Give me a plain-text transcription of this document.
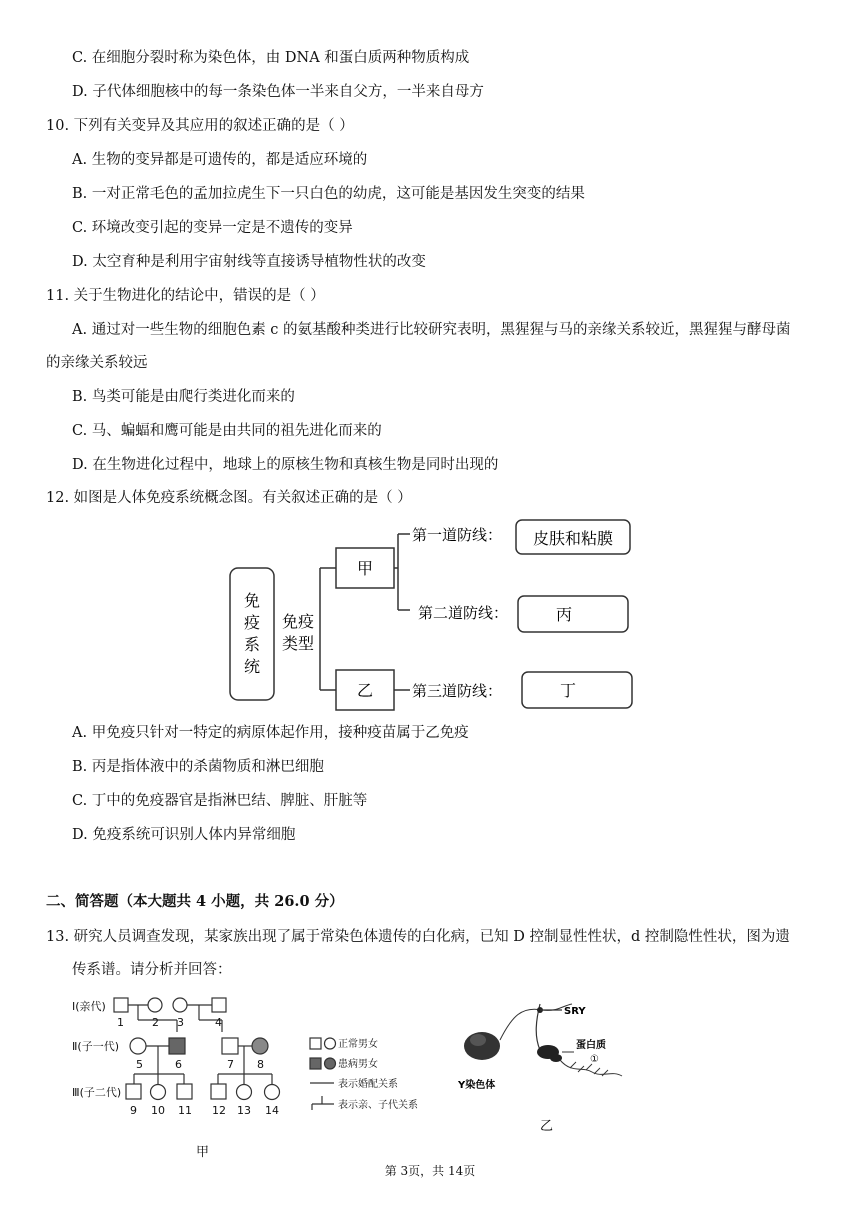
C. 在细胞分裂时称为染色体，由 DNA 和蛋白质两种物质构成
D. 子代体细胞核中的每一条染色体一半来自父方，一半来自母方
10. 下列有关变异及其应用的叙述正确的是（ ）
A. 生物的变异都是可遗传的，都是适应环境的
B. 一对正常毛色的孟加拉虎生下一只白色的幼虎，这可能是基因发生突变的结果
C. 环境改变引起的变异一定是不遗传的变异
D. 太空育种是利用宇宙射线等直接诱导植物性状的改变
11. 关于生物进化的结论中，错误的是（ ）
A. 通过对一些生物的细胞色素 c 的氨基酸种类进行比较研究表明，黑猩猩与马的亲缘关系较近，黑猩猩与酵母菌
的亲缘关系较远
B. 鸟类可能是由爬行类进化而来的
C. 马、蝙蝠和鹰可能是由共同的祖先进化而来的
D. 在生物进化过程中，地球上的原核生物和真核生物是同时出现的
12. 如图是人体免疫系统概念图。有关叙述正确的是（ ）
免
疫
系
统
免疫
类型
甲
乙
第一道防线：
第二道防线：
第三道防线：
皮肤和粘膜
丙
丁
A. 甲免疫只针对一特定的病原体起作用，接种疫苗属于乙免疫
B. 丙是指体液中的杀菌物质和淋巴细胞
C. 丁中的免疫器官是指淋巴结、脾脏、肝脏等
D. 免疫系统可识别人体内异常细胞
二、简答题（本大题共 4 小题，共 26.0 分）
13. 研究人员调查发现，某家族出现了属于常染色体遗传的白化病，已知 D 控制显性性状，d 控制隐性性状，图为遗
传系谱。请分析并回答：
Ⅰ(亲代)
Ⅱ(子一代)
Ⅲ(子二代)
1	2 3	4
5	6	7 8
9 10 11 12 13 14
甲
正常男女
患病男女
表示婚配关系
表示亲、子代关系
SRY
蛋白质
①
Y染色体
乙
第 3页，共 14页
